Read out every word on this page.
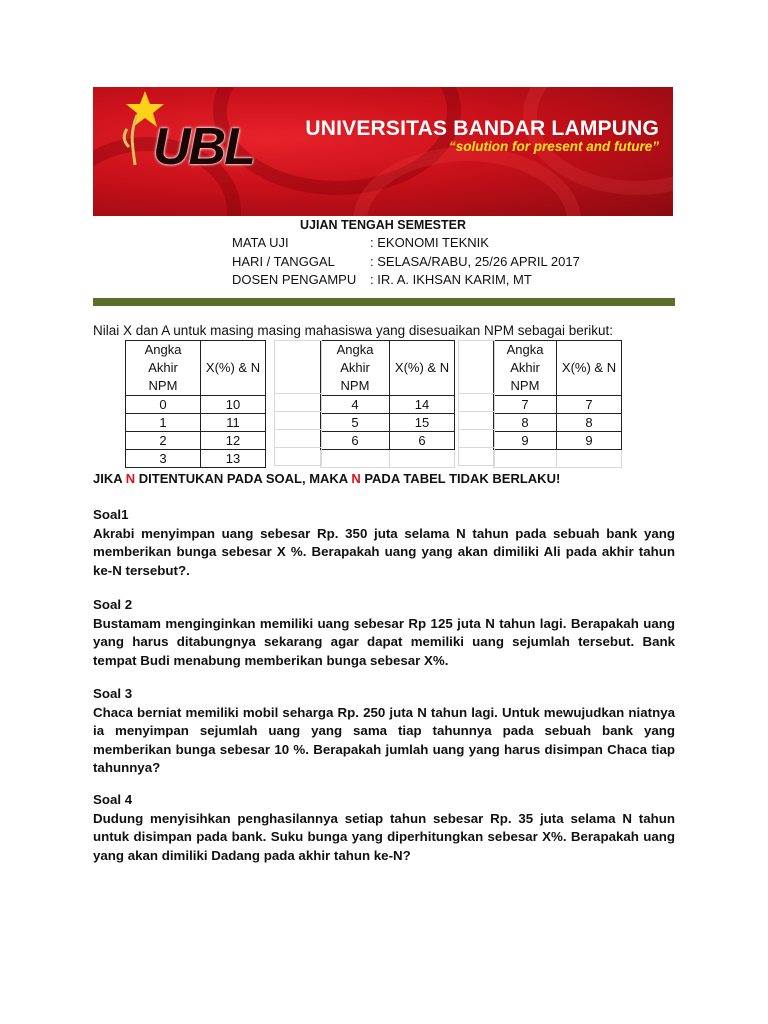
UBL UNIVERSITAS BANDAR LAMPUNG
“solution for present and future”
UJIAN TENGAH SEMESTER
MATA UJI	: EKONOMI TEKNIK
HARI / TANGGAL	: SELASA/RABU, 25/26 APRIL 2017
DOSEN PENGAMPU : IR. A. IKHSAN KARIM, MT
Nilai X dan A untuk masing masing mahasiswa yang disesuaikan NPM sebagai berikut:
Angka
Akhir
NPM	X(%) & N
0	10
1	11
2	12
3	13
Angka
Akhir
NPM	X(%) & N
4	14
5	15
6	6

Angka
Akhir
NPM	X(%) & N
7	7
8	8
9	9

JIKA N DITENTUKAN PADA SOAL, MAKA N PADA TABEL TIDAK BERLAKU!
Soal1

Akrabi menyimpan uang sebesar Rp. 350 juta selama N tahun pada sebuah bank yang memberikan bunga sebesar X %. Berapakah uang yang akan dimiliki Ali pada akhir tahun ke-N tersebut?.

Soal 2

Bustamam menginginkan memiliki uang sebesar Rp 125 juta N tahun lagi. Berapakah uang yang harus ditabungnya sekarang agar dapat memiliki uang sejumlah tersebut. Bank tempat Budi menabung memberikan bunga sebesar X%.

Soal 3

Chaca berniat memiliki mobil seharga Rp. 250 juta N tahun lagi. Untuk mewujudkan niatnya ia menyimpan sejumlah uang yang sama tiap tahunnya pada sebuah bank yang memberikan bunga sebesar 10 %. Berapakah jumlah uang yang harus disimpan Chaca tiap tahunnya?

Soal 4

Dudung menyisihkan penghasilannya setiap tahun sebesar Rp. 35 juta selama N tahun untuk disimpan pada bank. Suku bunga yang diperhitungkan sebesar X%. Berapakah uang yang akan dimiliki Dadang pada akhir tahun ke-N?
